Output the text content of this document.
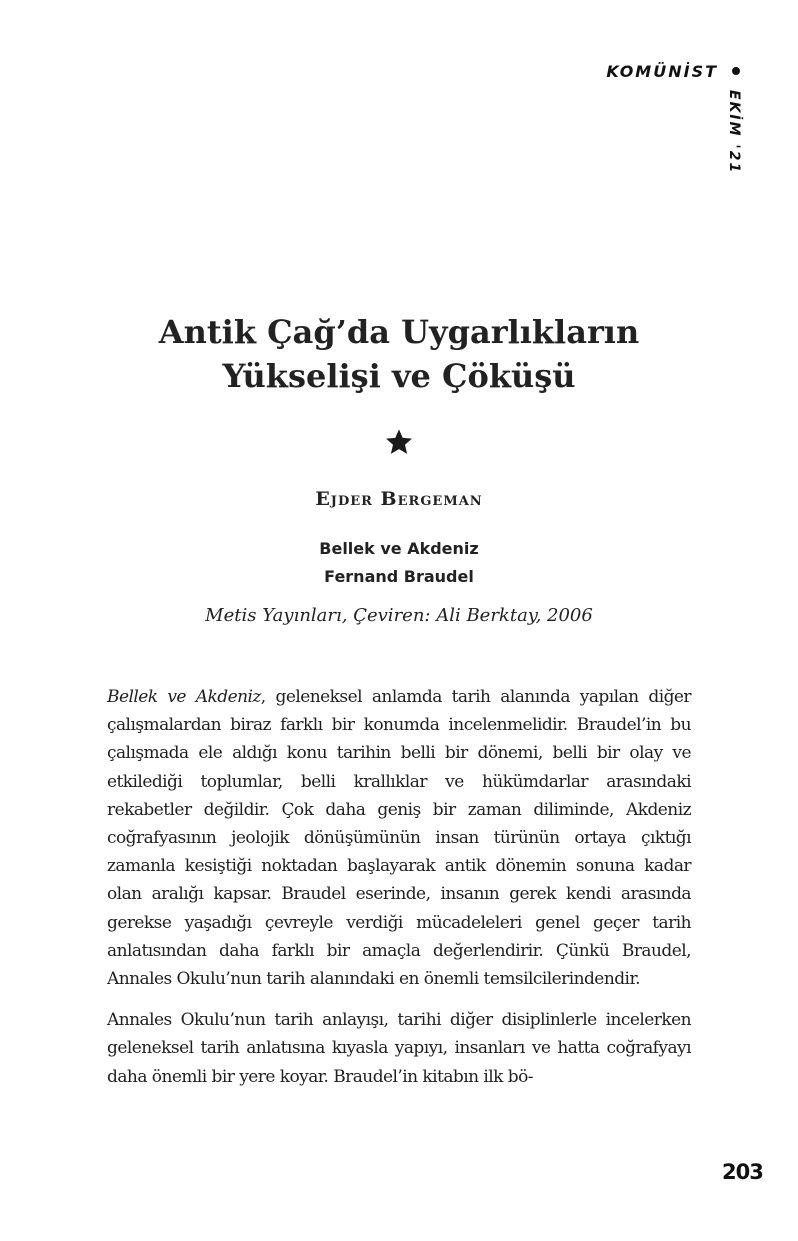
KOMÜNİST
EKİM '21
Antik Çağ’da Uygarlıkların
Yükselişi ve Çöküşü
Ejder Bergeman
Bellek ve Akdeniz
Fernand Braudel
Metis Yayınları, Çeviren: Ali Berktay, 2006

Bellek ve Akdeniz, geleneksel anlamda tarih alanında yapılan diğer çalışmalardan biraz farklı bir konumda incelenmelidir. Braudel’in bu çalışmada ele aldığı konu tarihin belli bir dönemi, belli bir olay ve etkilediği toplumlar, belli krallıklar ve hükümdarlar arasındaki rekabetler değildir. Çok daha geniş bir zaman diliminde, Akdeniz coğrafyasının jeolojik dönüşümünün insan türünün ortaya çıktığı zamanla kesiştiği noktadan başlayarak antik dönemin sonuna kadar olan aralığı kapsar. Braudel eserinde, insanın gerek kendi arasında gerekse yaşadığı çevreyle verdiği mücadeleleri genel geçer tarih anlatısından daha farklı bir amaçla değerlendirir. Çünkü Braudel, Annales Okulu’nun tarih alanındaki en önemli temsilcilerindendir.

Annales Okulu’nun tarih anlayışı, tarihi diğer disiplinlerle incelerken geleneksel tarih anlatısına kıyasla yapıyı, insanları ve hatta coğrafyayı daha önemli bir yere koyar. Braudel’in kitabın ilk bö-

203
